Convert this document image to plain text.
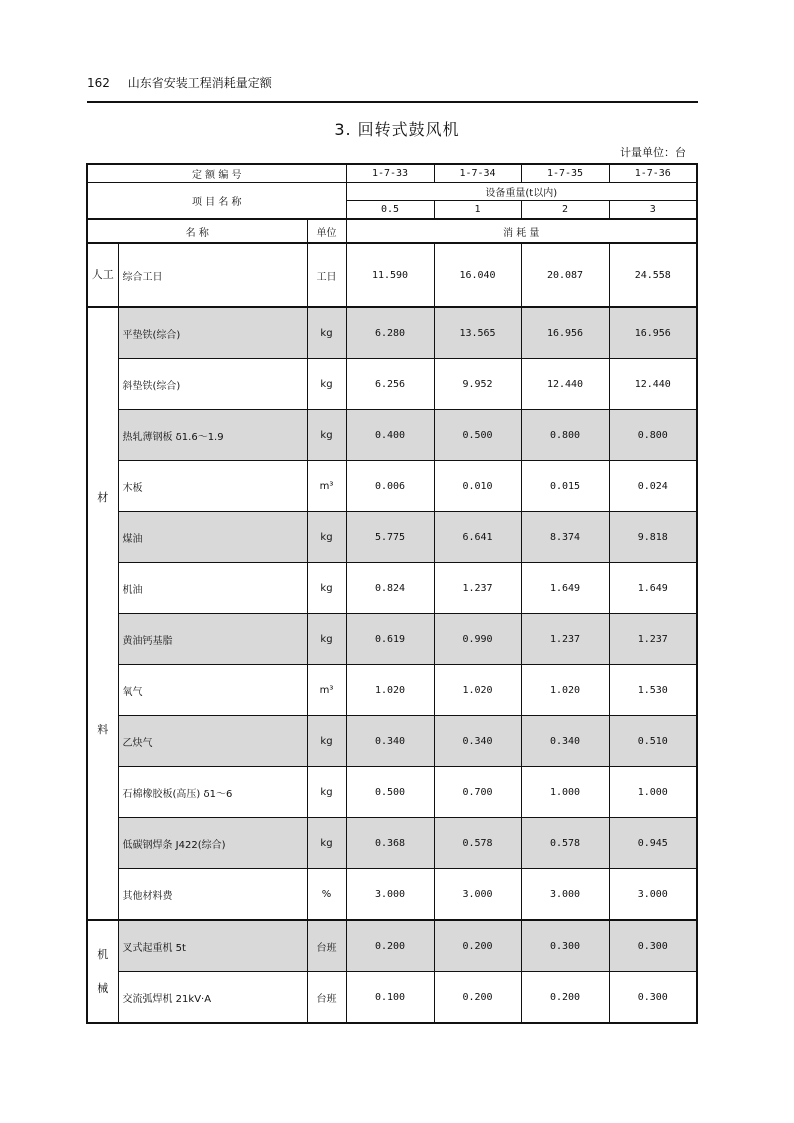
162 山东省安装工程消耗量定额
3. 回转式鼓风机
计量单位：台
定 额 编 号			1-7-33	1-7-34	1-7-35	1-7-36
项 目 名 称			设备重量(t以内)			
			0.5	1	2	3
名 称		单位	消 耗 量			
人工	综合工日	工日	11.590	16.040	20.087	24.558

材
料	平垫铁(综合)	kg	6.280	13.565	16.956	16.956
	斜垫铁(综合)	kg	6.256	9.952	12.440	12.440
	热轧薄钢板 δ1.6～1.9	kg	0.400	0.500	0.800	0.800
	木板	m³	0.006	0.010	0.015	0.024
	煤油	kg	5.775	6.641	8.374	9.818
	机油	kg	0.824	1.237	1.649	1.649
	黄油钙基脂	kg	0.619	0.990	1.237	1.237
	氧气	m³	1.020	1.020	1.020	1.530
	乙炔气	kg	0.340	0.340	0.340	0.510
	石棉橡胶板(高压) δ1～6	kg	0.500	0.700	1.000	1.000
	低碳钢焊条 J422(综合)	kg	0.368	0.578	0.578	0.945
	其他材料费	%	3.000	3.000	3.000	3.000

机
械	叉式起重机 5t	台班	0.200	0.200	0.300	0.300
	交流弧焊机 21kV·A	台班	0.100	0.200	0.200	0.300
